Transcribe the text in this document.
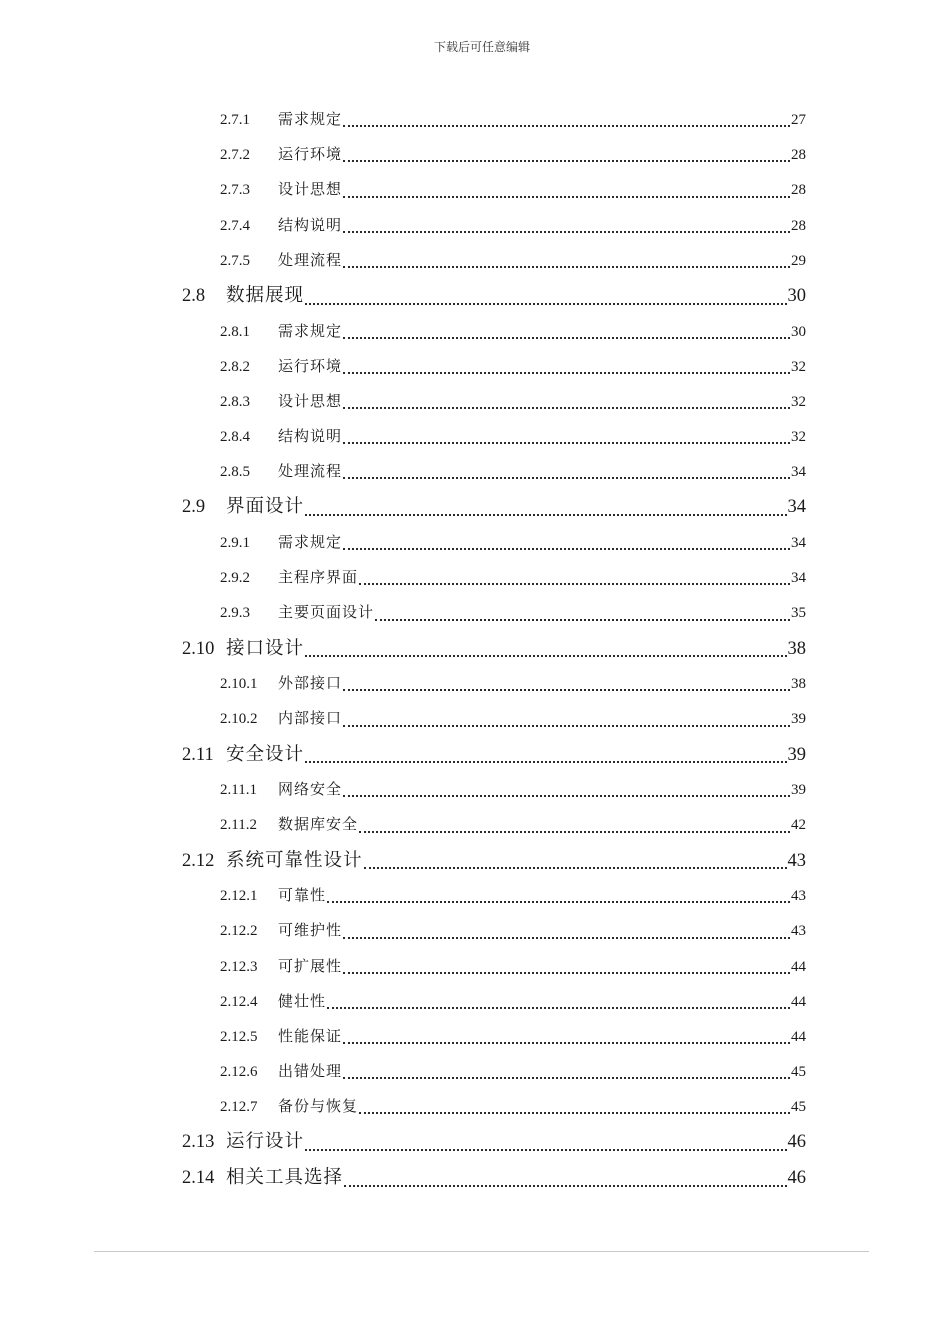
下载后可任意编辑
2.7.1	需求规定	27
2.7.2	运行环境	28
2.7.3	设计思想	28
2.7.4	结构说明	28
2.7.5	处理流程	29
2.8	数据展现	30
2.8.1	需求规定	30
2.8.2	运行环境	32
2.8.3	设计思想	32
2.8.4	结构说明	32
2.8.5	处理流程	34
2.9	界面设计	34
2.9.1	需求规定	34
2.9.2	主程序界面	34
2.9.3	主要页面设计	35
2.10 接口设计	38
2.10.1	外部接口	38
2.10.2	内部接口	39
2.11 安全设计	39
2.11.1	网络安全	39
2.11.2	数据库安全	42
2.12 系统可靠性设计	43
2.12.1	可靠性	43
2.12.2	可维护性	43
2.12.3	可扩展性	44
2.12.4	健壮性	44
2.12.5	性能保证	44
2.12.6	出错处理	45
2.12.7	备份与恢复	45
2.13 运行设计	46
2.14 相关工具选择	46
